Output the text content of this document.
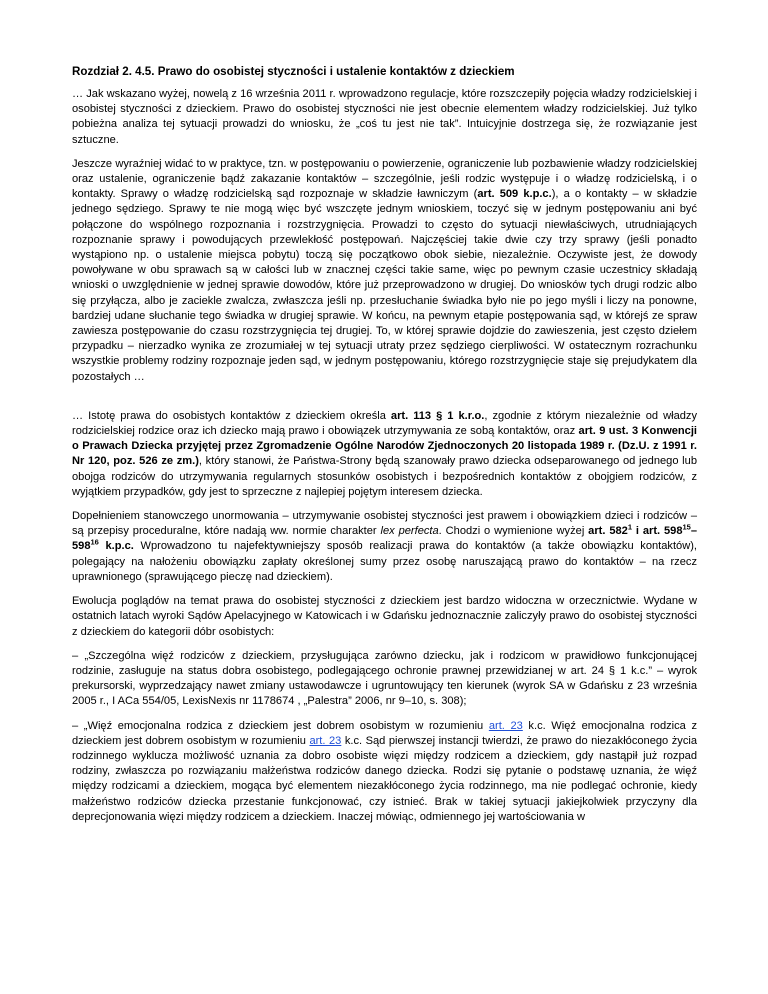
Rozdział 2. 4.5. Prawo do osobistej styczności i ustalenie kontaktów z dzieckiem

… Jak wskazano wyżej, nowelą z 16 września 2011 r. wprowadzono regulacje, które rozszczepiły pojęcia władzy rodzicielskiej i osobistej styczności z dzieckiem. Prawo do osobistej styczności nie jest obecnie elementem władzy rodzicielskiej. Już tylko pobieżna analiza tej sytuacji prowadzi do wniosku, że „coś tu jest nie tak”. Intuicyjnie dostrzega się, że rozwiązanie jest sztuczne.

Jeszcze wyraźniej widać to w praktyce, tzn. w postępowaniu o powierzenie, ograniczenie lub pozbawienie władzy rodzicielskiej oraz ustalenie, ograniczenie bądź zakazanie kontaktów – szczególnie, jeśli rodzic występuje i o władzę rodzicielską, i o kontakty. Sprawy o władzę rodzicielską sąd rozpoznaje w składzie ławniczym (art. 509 k.p.c.), a o kontakty – w składzie jednego sędziego. Sprawy te nie mogą więc być wszczęte jednym wnioskiem, toczyć się w jednym postępowaniu ani być połączone do wspólnego rozpoznania i rozstrzygnięcia. Prowadzi to często do sytuacji niewłaściwych, utrudniających rozpoznanie sprawy i powodujących przewlekłość postępowań. Najczęściej takie dwie czy trzy sprawy (jeśli ponadto wystąpiono np. o ustalenie miejsca pobytu) toczą się początkowo obok siebie, niezależnie. Oczywiste jest, że dowody powoływane w obu sprawach są w całości lub w znacznej części takie same, więc po pewnym czasie uczestnicy składają wnioski o uwzględnienie w jednej sprawie dowodów, które już przeprowadzono w drugiej. Do wniosków tych drugi rodzic albo się przyłącza, albo je zaciekle zwalcza, zwłaszcza jeśli np. przesłuchanie świadka było nie po jego myśli i liczy na ponowne, bardziej udane słuchanie tego świadka w drugiej sprawie. W końcu, na pewnym etapie postępowania sąd, w którejś ze spraw zawiesza postępowanie do czasu rozstrzygnięcia tej drugiej. To, w której sprawie dojdzie do zawieszenia, jest często dziełem przypadku – nierzadko wynika ze zrozumiałej w tej sytuacji utraty przez sędziego cierpliwości. W ostatecznym rozrachunku wszystkie problemy rodziny rozpoznaje jeden sąd, w jednym postępowaniu, którego rozstrzygnięcie staje się prejudykatem dla pozostałych …

… Istotę prawa do osobistych kontaktów z dzieckiem określa art. 113 § 1 k.r.o., zgodnie z którym niezależnie od władzy rodzicielskiej rodzice oraz ich dziecko mają prawo i obowiązek utrzymywania ze sobą kontaktów, oraz art. 9 ust. 3 Konwencji o Prawach Dziecka przyjętej przez Zgromadzenie Ogólne Narodów Zjednoczonych 20 listopada 1989 r. (Dz.U. z 1991 r. Nr 120, poz. 526 ze zm.), który stanowi, że Państwa-Strony będą szanowały prawo dziecka odseparowanego od jednego lub obojga rodziców do utrzymywania regularnych stosunków osobistych i bezpośrednich kontaktów z obojgiem rodziców, z wyjątkiem przypadków, gdy jest to sprzeczne z najlepiej pojętym interesem dziecka.

Dopełnieniem stanowczego unormowania – utrzymywanie osobistej styczności jest prawem i obowiązkiem dzieci i rodziców – są przepisy proceduralne, które nadają ww. normie charakter lex perfecta. Chodzi o wymienione wyżej art. $582^1$ i art. $598^{15}-598^{16}$ k.p.c. Wprowadzono tu najefektywniejszy sposób realizacji prawa do kontaktów (a także obowiązku kontaktów), polegający na nałożeniu obowiązku zapłaty określonej sumy przez osobę naruszającą prawo do kontaktów – na rzecz uprawnionego (sprawującego pieczę nad dzieckiem).

Ewolucja poglądów na temat prawa do osobistej styczności z dzieckiem jest bardzo widoczna w orzecznictwie. Wydane w ostatnich latach wyroki Sądów Apelacyjnego w Katowicach i w Gdańsku jednoznacznie zaliczyły prawo do osobistej styczności z dzieckiem do kategorii dóbr osobistych:

– „Szczególna więź rodziców z dzieckiem, przysługująca zarówno dziecku, jak i rodzicom w prawidłowo funkcjonującej rodzinie, zasługuje na status dobra osobistego, podlegającego ochronie prawnej przewidzianej w art. 24 § 1 k.c.” – wyrok prekursorski, wyprzedzający nawet zmiany ustawodawcze i ugruntowujący ten kierunek (wyrok SA w Gdańsku z 23 września 2005 r., I ACa 554/05, LexisNexis nr 1178674 , „Palestra” 2006, nr 9–10, s. 308);

– „Więź emocjonalna rodzica z dzieckiem jest dobrem osobistym w rozumieniu art. 23 k.c. Więź emocjonalna rodzica z dzieckiem jest dobrem osobistym w rozumieniu art. 23 k.c. Sąd pierwszej instancji twierdzi, że prawo do niezakłóconego życia rodzinnego wyklucza możliwość uznania za dobro osobiste więzi między rodzicem a dzieckiem, gdy nastąpił już rozpad rodziny, zwłaszcza po rozwiązaniu małżeństwa rodziców danego dziecka. Rodzi się pytanie o podstawę uznania, że więź między rodzicami a dzieckiem, mogąca być elementem niezakłóconego życia rodzinnego, ma nie podlegać ochronie, kiedy małżeństwo rodziców dziecka przestanie funkcjonować, czy istnieć. Brak w takiej sytuacji jakiejkolwiek przyczyny dla deprecjonowania więzi między rodzicem a dzieckiem. Inaczej mówiąc, odmiennego jej wartościowania w
